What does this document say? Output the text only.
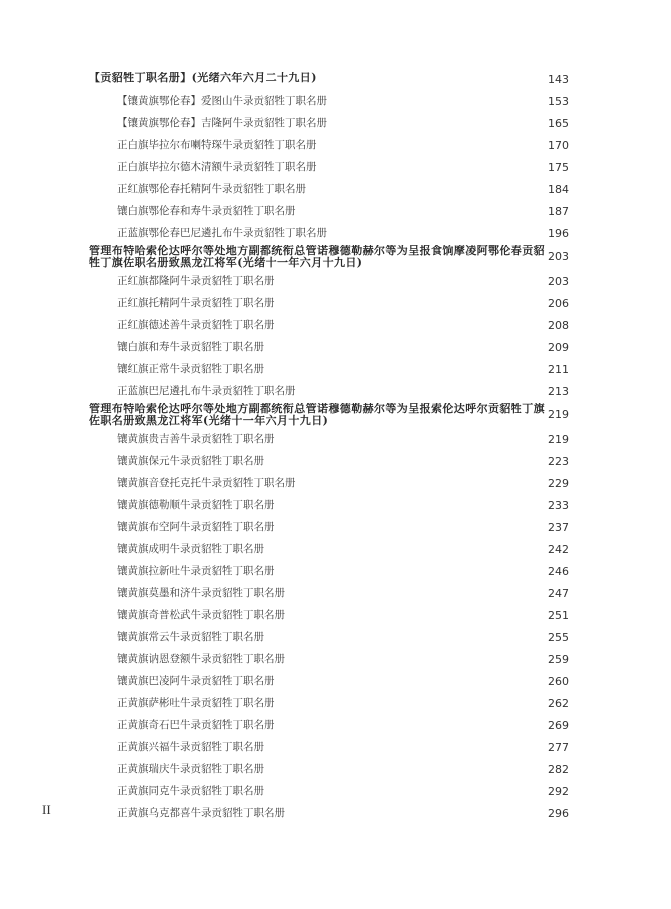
【贡貂牲丁职名册】(光绪六年六月二十九日)	143
【镶黄旗鄂伦春】爱图山牛录贡貂牲丁职名册	153
【镶黄旗鄂伦春】吉隆阿牛录贡貂牲丁职名册	165
正白旗毕拉尔布喇特琛牛录贡貂牲丁职名册	170
正白旗毕拉尔德木清额牛录贡貂牲丁职名册	175
正红旗鄂伦春托精阿牛录贡貂牲丁职名册	184
镶白旗鄂伦春和寿牛录贡貂牲丁职名册	187
正蓝旗鄂伦春巴尼遴扎布牛录贡貂牲丁职名册	196
管理布特哈索伦达呼尔等处地方副都统衔总管诺穆德勒赫尔等为呈报食饷摩凌阿鄂伦春贡貂牲丁旗佐职名册致黑龙江将军(光绪十一年六月十九日)	203
正红旗都隆阿牛录贡貂牲丁职名册	203
正红旗托精阿牛录贡貂牲丁职名册	206
正红旗德述善牛录贡貂牲丁职名册	208
镶白旗和寿牛录贡貂牲丁职名册	209
镶红旗正常牛录贡貂牲丁职名册	211
正蓝旗巴尼遴扎布牛录贡貂牲丁职名册	213
管理布特哈索伦达呼尔等处地方副都统衔总管诺穆德勒赫尔等为呈报索伦达呼尔贡貂牲丁旗佐职名册致黑龙江将军(光绪十一年六月十九日)	219
镶黄旗贵吉善牛录贡貂牲丁职名册	219
镶黄旗保元牛录贡貂牲丁职名册	223
镶黄旗音登托克托牛录贡貂牲丁职名册	229
镶黄旗德勒顺牛录贡貂牲丁职名册	233
镶黄旗布空阿牛录贡貂牲丁职名册	237
镶黄旗成明牛录贡貂牲丁职名册	242
镶黄旗拉新吐牛录贡貂牲丁职名册	246
镶黄旗莫墨和济牛录贡貂牲丁职名册	247
镶黄旗奇普松武牛录贡貂牲丁职名册	251
镶黄旗常云牛录贡貂牲丁职名册	255
镶黄旗讷恩登额牛录贡貂牲丁职名册	259
镶黄旗巴凌阿牛录贡貂牲丁职名册	260
正黄旗萨彬吐牛录贡貂牲丁职名册	262
正黄旗奇石巴牛录贡貂牲丁职名册	269
正黄旗兴福牛录贡貂牲丁职名册	277
正黄旗瑞庆牛录贡貂牲丁职名册	282
正黄旗同克牛录贡貂牲丁职名册	292
正黄旗乌克都喜牛录贡貂牲丁职名册	296
II
